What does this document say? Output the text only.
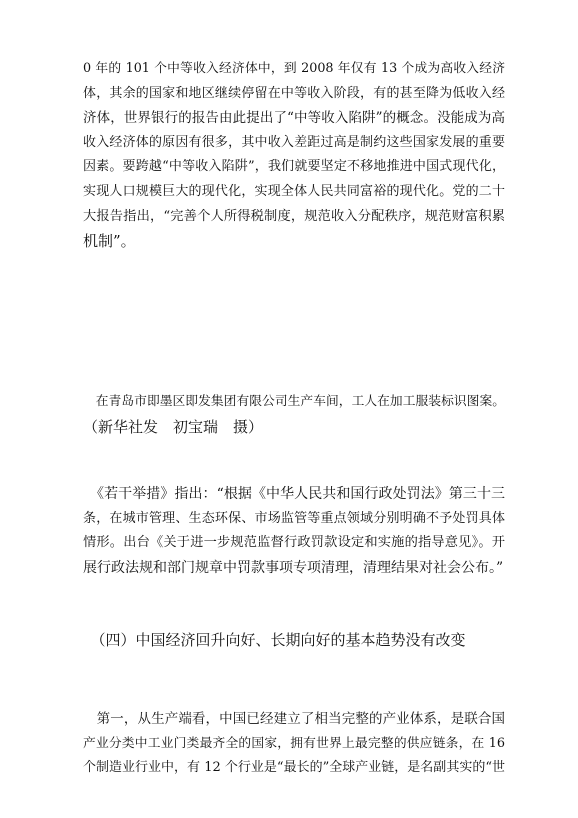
0 年的 101 个中等收入经济体中，到 2008 年仅有 13 个成为高收入经济
体，其余的国家和地区继续停留在中等收入阶段，有的甚至降为低收入经
济体，世界银行的报告由此提出了“中等收入陷阱”的概念。没能成为高
收入经济体的原因有很多，其中收入差距过高是制约这些国家发展的重要
因素。要跨越“中等收入陷阱”，我们就要坚定不移地推进中国式现代化，
实现人口规模巨大的现代化，实现全体人民共同富裕的现代化。党的二十
大报告指出，“完善个人所得税制度，规范收入分配秩序，规范财富积累
机制”。
　在青岛市即墨区即发集团有限公司生产车间，工人在加工服装标识图案。
（新华社发　初宝瑞　摄）
　《若干举措》指出：“根据《中华人民共和国行政处罚法》第三十三
条，在城市管理、生态环保、市场监管等重点领域分别明确不予处罚具体
情形。出台《关于进一步规范监督行政罚款设定和实施的指导意见》。开
展行政法规和部门规章中罚款事项专项清理，清理结果对社会公布。”
　（四）中国经济回升向好、长期向好的基本趋势没有改变
　第一，从生产端看，中国已经建立了相当完整的产业体系，是联合国
产业分类中工业门类最齐全的国家，拥有世界上最完整的供应链条，在 16
个制造业行业中，有 12 个行业是“最长的”全球产业链，是名副其实的“世
